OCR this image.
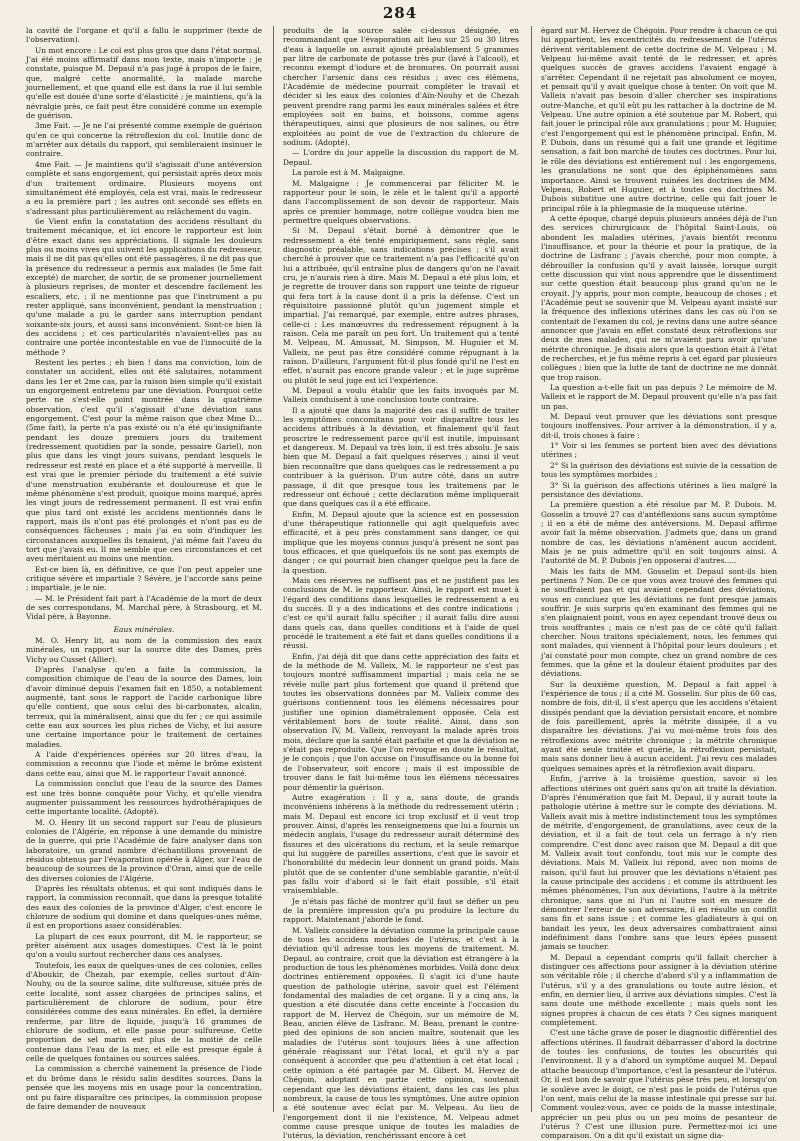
284

la cavité de l'organe et qu'il a fallu le supprimer (texte de l'observation).

Un mot encore : Le col est plus gros que dans l'état normal. J'ai été moins affirmatif dans mon texte, mais n'importe ; je constate, puisque M. Depaul n'a pas jugé à propos de le faire, que, malgré cette anormalité, la malade marche journellement, et que quand elle est dans la rue il lui semble qu'elle est douée d'une sorte d'élasticité ; je maintiens, qu'à la névralgie près, ce fait peut être considéré comme un exemple de guérison.

3me Fait. — Je ne l'ai présenté comme exemple de guérison qu'en ce qui concerne la rétroflexion du col. Inutile donc de m'arrêter aux détails du rapport, qui sembleraient insinuer le contraire.

4me Fait. — Je maintiens qu'il s'agissait d'une antéversion complète et sans engorgement, qui persistait après deux mois d'un traitement ordinaire. Plusieurs moyens ont simultanément été employés, cela est vrai, mais le redresseur a eu la première part ; les autres ont secondé ses effets en s'adressant plus particulièrement au relâchement du vagin.

6e Vient enfin la constatation des accidens résultant du traitement mécanique, et ici encore le rapporteur est loin d'être exact dans ses appréciations. Il signale les douleurs plus ou moins vives qui suivent les applications du redresseur, mais il ne dit pas qu'elles ont été passagères, il ne dit pas que la présence du redresseur a permis aux malades (le 5me fait excepté) de marcher, de sortir, de se promener journellement à plusieurs reprises, de monter et descendre facilement les escaliers, etc. ; il ne mentionne pas que l'instrument a pu rester appliqué, sans inconvénient, pendant la menstruation ; qu'une malade a pu le garder sans interruption pendant soixante-six jours, et aussi sans inconvénient. Sont-ce bien là des accidens ; et ces particularités n'avaient-elles pas au contraire une portée incontestable en vue de l'innocuité de la méthode ?

Restent les pertes ; eh bien ! dans ma conviction, loin de constater un accident, elles ont été salutaires, notamment dans les 1er et 2me cas, par la raison bien simple qu'il existait un engorgement entretenu par une déviation. Pourquoi cette perte ne s'est-elle point montrée dans la quatrième observation, c'est qu'il s'agissait d'une déviation sans engorgement. C'est pour la même raison que chez Mme D... (5me fait), la perte n'a pas existé ou n'a été qu'insignifiante pendant les douze premiers jours du traitement (redressement quotidien par la sonde, pessaire Gariel), non plus que dans les vingt jours suivans, pendant lesquels le redresseur est resté en place et a été supporté à merveille. Il est vrai que le premier période du traitement a été suivie d'une menstruation exubérante et douloureuse et que le même phénomène s'est produit, quoique moins marqué, après les vingt jours de redressement permanent. Il est vrai enfin que plus tard ont existé les accidens mentionnés dans le rapport, mais ils n'ont pas été prolongés et n'ont pas eu de conséquences fâcheuses ; mais j'ai eu soin d'indiquer les circonstances auxquelles ils tenaient, j'ai même fait l'aveu du tort que j'avais eu. Il me semble que ces circonstances et cet aveu méritaient au moins une mention.

Est-ce bien là, en définitive, ce que l'on peut appeler une critique sévère et impartiale ? Sévère, je l'accorde sans peine ; impartiale, je le nie.

— M. le Président fait part à l'Académie de la mort de deux de ses correspondans, M. Marchal père, à Strasbourg, et M. Vidal père, à Bayonne.

Eaux minérales.

M. O. Henry lit, au nom de la commission des eaux minérales, un rapport sur la source dite des Dames, près Vichy ou Cusset (Allier).

D'après l'analyse qu'en a faite la commission, la composition chimique de l'eau de la source des Dames, loin d'avoir diminué depuis l'examen fait en 1850, a notablement augmenté, tant sous le rapport de l'acide carbonique libre qu'elle contient, que sous celui des bi-carbonates, alcalin, terreux, qui la minéralisent, ainsi que du fer ; ce qui assimile cette eau aux sources les plus riches de Vichy, et lui assure une certaine importance pour le traitement de certaines maladies.

A l'aide d'expériences opérées sur 20 litres d'eau, la commission a reconnu que l'iode et même le brôme existent dans cette eau, ainsi que M. le rapporteur l'avait annoncé.

La commission conclut que l'eau de la source des Dames est une très bonne conquête pour Vichy, et qu'elle viendra augmenter puissamment les ressources hydrothérapiques de cette importante localité. (Adopté).

M. O. Henry lit un second rapport sur l'eau de plusieurs colonies de l'Algérie, en réponse à une demande du ministre de la guerre, qui prie l'Académie de faire analyser dans son laboratoire, un grand nombre d'échantillons provenant de résidus obtenus par l'évaporation opérée à Alger, sur l'eau de beaucoup de sources de la province d'Oran, ainsi que de celle des diverses colonies de l'Algérie.

D'après les résultats obtenus, et qui sont indiqués dans le rapport, la commission reconnaît, que dans la presque totalité des eaux des colonies de la province d'Alger, c'est encore le chlorure de sodium qui domine et dans quelques-unes même, il est en proportions assez considérables.

La plupart de ces eaux pourront, dit M. le rapporteur, se prêter aisément aux usages domestiques. C'est là le point qu'on a voulu surtout rechercher dans ces analyses.

Toutefois, les eaux de quelques-unes de ces colonies, celles d'Aboukir, de Chezah, par exemple, celles surtout d'Aïn-Nouhy, ou de la source saline, dite sulfureuse, située près de cette localité, sont assez chargées de principes salins, et particulièrement de chlorure de sodium, pour être considérées comme des eaux minérales. En effet, la dernière renferme, par litre de liquide, jusqu'à 16 grammes de chlorure de sodium, et elle passe pour sulfureuse. Cette proportion de sel marin est plus de la moitié de celle contenue dans l'eau de la mer, et elle est presque égale à celle de quelques fontaines ou sources salées.

La commission a cherché vainement la présence de l'iode et du brôme dans le résidu salin desdites sources. Dans la pensée que les moyens mis en usage pour la concentration, ont pu faire disparaître ces principes, la commission propose de faire demander de nouveaux

produits de la source salée ci-dessus désignée, en recommandant que l'évaporation ait lieu sur 25 ou 30 litres d'eau à laquelle on aurait ajouté préalablement 5 grammes par litre de carbonate de potasse très pur (lavé à l'alcool), et reconnu exempt d'iodure et de bromures. On pourrait aussi chercher l'arsenic dans ces résidus ; avec ces élémens, l'Académie de médecine pourrait compléter le travail et décider si les eaux des colonies d'Aïn-Nouhy et de Chezah peuvent prendre rang parmi les eaux minérales salées et être employées soit en bains, et boissons, comme agens thérapeutiques, ainsi que plusieurs de nos salines, ou être exploitées au point de vue de l'extraction du chlorure de sodium. (Adopté).

— L'ordre du jour appelle la discussion du rapport de M. Depaul.

La parole est à M. Malgaigne.

M. Malgaigne : Je commencerai par féliciter M. le rapporteur pour le soin, le zèle et le talent qu'il a apporté dans l'accomplissement de son devoir de rapporteur. Mais après ce premier hommage, notre collègue voudra bien me permettre quelques observations.

Si M. Depaul s'était borné à démontrer que le redressement a été tenté empiriquement, sans règle, sans diagnostic préalable, sans indications précises ; s'il avait cherché à prouver que ce traitement n'a pas l'efficacité qu'on lui a attribuée, qu'il entraîne plus de dangers qu'on ne l'avait cru, je n'aurais rien à dire. Mais M. Depaul a été plus loin, et je regrette de trouver dans son rapport une teinte de rigueur qui fera tort à la cause dont il a pris la défense. C'est un réquisitoire passionné plutôt qu'un jugement simple et impartial. J'ai remarqué, par exemple, entre autres phrases, celle-ci : Les manœuvres du redressement répugnent à la raison. Cela me paraît un peu fort. Un traitement qui a tenté M. Velpeau, M. Amussat, M. Simpson, M. Huguier et M. Valleix, ne peut pas être considéré comme répugnant à la raison. D'ailleurs, l'argument fût-il plus fondé qu'il ne l'est en effet, n'aurait pas encore grande valeur ; et le juge suprême ou plutôt le seul juge est ici l'expérience.

M. Depaul a voulu établir que les faits invoqués par M. Valleix conduisent à une conclusion toute contraire.

Il a ajouté que dans la majorité des cas il suffit de traiter les symptômes concomitans pour voir disparaître tous les accidens attribués à la déviation, et finalement qu'il faut proscrire le redressement parce qu'il est inutile, impuissant et dangereux. M. Depaul va très loin, il est très absolu. Je sais bien que M. Depaul a fait quelques réserves ; ainsi il veut bien reconnaître que dans quelques cas le redressement a pu contribuer à la guérison. D'un autre côté, dans un autre passage, il dit que presque tous les traitemens par le redresseur ont échoué ; cette déclaration même impliquerait que dans quelques cas il a été efficace.

Enfin, M. Depaul ajoute que la science est en possession d'une thérapeutique rationnelle qui agit quelquefois avec efficacité, et à peu près constamment sans danger, ce qui implique que les moyens connus jusqu'à présent ne sont pas tous efficaces, et que quelquefois ils ne sont pas exempts de danger ; ce qui pourrait bien changer quelque peu la face de la question.

Mais ces réserves ne suffisent pas et ne justifient pas les conclusions de M. le rapporteur. Ainsi, le rapport est muet à l'égard des conditions dans lesquelles le redressement a eu du succès. Il y a des indications et des contre indications ; c'est ce qu'il aurait fallu spécifier ; il aurait fallu dire aussi dans quels cas, dans quelles conditions et à l'aide de quel procédé le traitement a été fait et dans quelles conditions il a réussi.

Enfin, j'ai déjà dit que dans cette appréciation des faits et de la méthode de M. Valleix, M. le rapporteur ne s'est pas toujours montré suffisamment impartial ; mais cela ne se révèle nulle part plus fortement que quand il prétend que toutes les observations données par M. Valleix comme des guérisons contiennent tous les élémens nécessaires pour justifier une opinion diamétralement opposée. Cela est véritablement hors de toute réalité. Ainsi, dans son observation IV, M. Valleix, renvoyant la malade après trois mois, déclare que la santé était parfaite et que la déviation ne s'était pas reproduite. Que l'on révoque en doute le résultat, je le conçois ; que l'on accuse on l'insuffisance ou la bonne foi de l'observateur, soit encore ; mais il est impossible de trouver dans le fait lui-même tous les élémens nécessaires pour démentir la guérison.

Autre exagération : Il y a, sans doute, de grands inconvéniens inhérens à la méthode du redressement utérin ; mais M. Depaul est encore ici trop exclusif et il veut trop prouver. Ainsi, d'après les renseignemens que lui a fournis un médecin anglais, l'usage du redresseur aurait déterminé des fissures et des ulcérations du rectum, et la seule remarque qui lui suggère de pareilles assertions, c'est que le savoir et l'honorabilité du médecin leur donnent un grand poids. Mais plutôt que de se contenter d'une semblable garantie, n'eût-il pas fallu voir d'abord si le fait était possible, s'il était vraisemblable.

Je n'étais pas fâché de montrer qu'il faut se défier un peu de la première impression qu'a pu produire la lecture du rapport. Maintenant j'aborde le fond.

M. Valleix considère la déviation comme la principale cause de tous les accidens morbides de l'utérus, et c'est à la déviation qu'il adresse tous les moyens de traitement. M. Depaul, au contraire, croit que la déviation est étrangère à la production de tous les phénomènes morbides. Voilà donc deux doctrines entièrement opposées. Il s'agit ici d'une haute question de pathologie utérine, savoir quel est l'élément fondamental des maladies de cet organe. Il y a cinq ans, la question a été discutée dans cette enceinte à l'occasion du rapport de M. Hervez de Chégoin, sur un mémoire de M. Beau, ancien élève de Lisfranc. M. Beau, prenant le contre-pied des opinions de son ancien maître, soutenait que les maladies de l'utérus sont toujours liées à une affection générale réagissant sur l'état local, et qu'il n'y a par conséquent à accorder que peu d'attention à cet état local ; cette opinion a été partagée par M. Gibert. M. Hervez de Chégoin, adoptant en partie cette opinion, soutenait cependant que les déviations étaient, dans les cas les plus nombreux, la cause de tous les symptômes. Une autre opinion a été soutenue avec éclat par M. Velpeau. Au lieu de l'engorgement dont il nie l'existence, M. Velpeau admet comme cause presque unique de toutes les maladies de l'utérus, la déviation, renchérissant encore à cet

égard sur M. Hervez de Chégoin. Pour rendre à chacun ce qui lui appartient, les excentricités du redressement de l'utérus dérivent véritablement de cette doctrine de M. Velpeau ; M. Velpeau lui-même avait tenté de le redresser, et après quelques succès de graves accidens l'avaient engagé à s'arrêter. Cependant il ne rejetait pas absolument ce moyen, et pensait qu'il y avait quelque chose à tenter. On voit que M. Valleix n'avait pas besoin d'aller chercher ses inspirations outre-Manche, et qu'il eût pu les rattacher à la doctrine de M. Velpeau. Une autre opinion a été soutenue par M. Robert, qui fait jouer le principal rôle aux granulations ; pour M. Huguier, c'est l'engorgement qui est le phénomène principal. Enfin, M. P. Dubois, dans un résumé qui a fait une grande et légitime sensation, a fait bon marché de toutes ces doctrines. Pour lui, le rôle des déviations est entièrement nul : les engorgemens, les granulations ne sont que des épiphénomènes sans importance. Ainsi se trouvent ruinées les doctrines de MM. Velpeau, Robert et Huguier, et à toutes ces doctrines M. Dubois substitue une autre doctrine, celle qui fait jouer le principal rôle à la phlegmasie de la muqueuse utérine.

A cette époque, chargé depuis plusieurs années déjà de l'un des services chirurgicaux de l'hôpital Saint-Louis, où abondent les maladies utérines, j'avais bientôt reconnu l'insuffisance, et pour la théorie et pour la pratique, de la doctrine de Lisfranc ; j'avais cherché, pour mon compte, à débrouiller la confusion qu'il y avait laissée, lorsque surgit cette discussion qui vint nous apprendre que le dissentiment sur cette question était beaucoup plus grand qu'on ne le croyait. J'y appris, pour mon compte, beaucoup de choses ; et l'Académie peut se souvenir que M. Velpeau ayant insisté sur la fréquence des inflexions utérines dans les cas où l'on se contentait de l'examen du col, je revins dans une autre séance annoncer que j'avais en effet constaté deux rétroflexions sur deux de mes malades, qui ne m'avaient paru avoir qu'une métrite chronique. Je disais alors que la question était à l'état de recherches, et je fus même repris à cet égard par plusieurs collègues ; bien que la lutte de tant de doctrine ne me donnât que trop raison.

La question a-t-elle fait un pas depuis ? Le mémoire de M. Valleix et le rapport de M. Depaul prouvent qu'elle n'a pas fait un pas.

M. Depaul veut prouver que les déviations sont presque toujours inoffensives. Pour arriver à la démonstration, il y a, dit-il, trois choses à faire :

1° Voir si les femmes se portent bien avec des déviations utérines ;

2° Si la guérison des déviations est suivie de la cessation de tous les symptômes morbides ;

3° Si la guérison des affections utérines a lieu malgré la persistance des déviations.

La première question a été résolue par M. P. Dubois. M. Gosselin a trouvé 27 cas d'antéflexions sans aucun symptôme ; il en a été de même des antéversions. M. Depaul affirme avoir fait la même observation. J'admets que, dans un grand nombre de cas, les déviations n'amènent aucun accident. Mais je ne puis admettre qu'il en soit toujours ainsi. A l'autorité de M. P. Dubois j'en opposerai d'autres.....

Mais les faits de MM. Gosselin et Depaul sont-ils bien pertinens ? Non. De ce que vous avez trouvé des femmes qui ne souffraient pas et qui avaient cependant des déviations, vous en concluez que les déviations ne font presque jamais souffrir. Je suis surpris qu'en examinant des femmes qui ne s'en plaignaient point, vous en ayez cependant trouvé deux ou trois souffrantes ; mais ce n'est pas de ce côté qu'il fallait chercher. Nous traitons spécialement, nous, les femmes qui sont malades, qui viennent à l'hôpital pour leurs douleurs ; et j'ai constaté pour mon compte, chez un grand nombre de ces femmes, que la gêne et la douleur étaient produites par des déviations.

Sur la deuxième question, M. Depaul a fait appel à l'expérience de tous ; il a cité M. Gosselin. Sur plus de 60 cas, nombre de fois, dit-il, il s'est aperçu que les accidens s'étaient dissipés pendant que la déviation persistait encore, et nombre de fois pareillement, après la métrite dissipée, il a vu disparaître les déviations. J'ai vu moi-même trois fois des rétroflexions avec métrite chronique ; la métrite chronique ayant été seule traitée et guérie, la rétroflexion persistait, mais sans donner lieu à aucun accident. J'ai revu ces malades quelques semaines après et la rétroflexion avait disparu.

Enfin, j'arrive à la troisième question, savoir si les affections utérines ont guéri sans qu'on ait traité la déviation. D'après l'énumération que fait M. Depaul, il y aurait toute la pathologie utérine à mettre sur le compte des déviations. M. Valleix avait mis à mettre indistinctement tous les symptômes de métrite, d'engorgement, de granulations, avec ceux de la déviation, et il a fait de tout cela un ferrago à n'y rien comprendre. C'est donc avec raison que M. Depaul a dit que M. Valleix avait tout confondu, tout mis sur le compte des déviations. Mais M. Valleix lui répond, avec non moins de raison, qu'il faut lui prouver que les déviations n'étaient pas la cause principale des accidens ; et comme ils attribuent les mêmes phénomènes, l'un aux déviations, l'autre à la métrite chronique, sans que ni l'un ni l'autre soit en mesure de démontrer l'erreur de son adversaire, il en résulte un conflit sans fin et sans issue ; et comme les gladiateurs à qui on bandait les yeux, les deux adversaires combattraient ainsi indéfiniment dans l'ombre sans que leurs épées pussent jamais se toucher.

M. Depaul a cependant compris qu'il fallait chercher à distinguer ces affections pour assigner à la déviation utérine son véritable rôle ; il cherche d'abord s'il y a inflammation de l'utérus, s'il y a des granulations ou toute autre lésion, et enfin, en dernier lieu, il arrive aux déviations simples. C'est là sans doute une méthode excellente ; mais quels sont les signes propres à chacun de ces états ? Ces signes manquent complètement.

C'est une tâche grave de poser le diagnostic différentiel des affections utérines. Il faudrait débarrasser d'abord la doctrine de toutes les confusions, de toutes les obscurités qui l'environnent. Il y a d'abord un symptôme auquel M. Depaul attache beaucoup d'importance, c'est la pesanteur de l'utérus. Or, il est bon de savoir que l'utérus pèse très peu, et lorsqu'on le soulève avec le doigt, ce n'est pas le poids de l'utérus que l'on sent, mais celui de la masse intestinale qui presse sur lui. Comment voulez-vous, avec ce poids de la masse intestinale, apprécier un peu plus ou un peu moins de pesanteur de l'utérus ? C'est une illusion pure. Permettez-moi ici une comparaison. On a dit qu'il existait un signe dia-
